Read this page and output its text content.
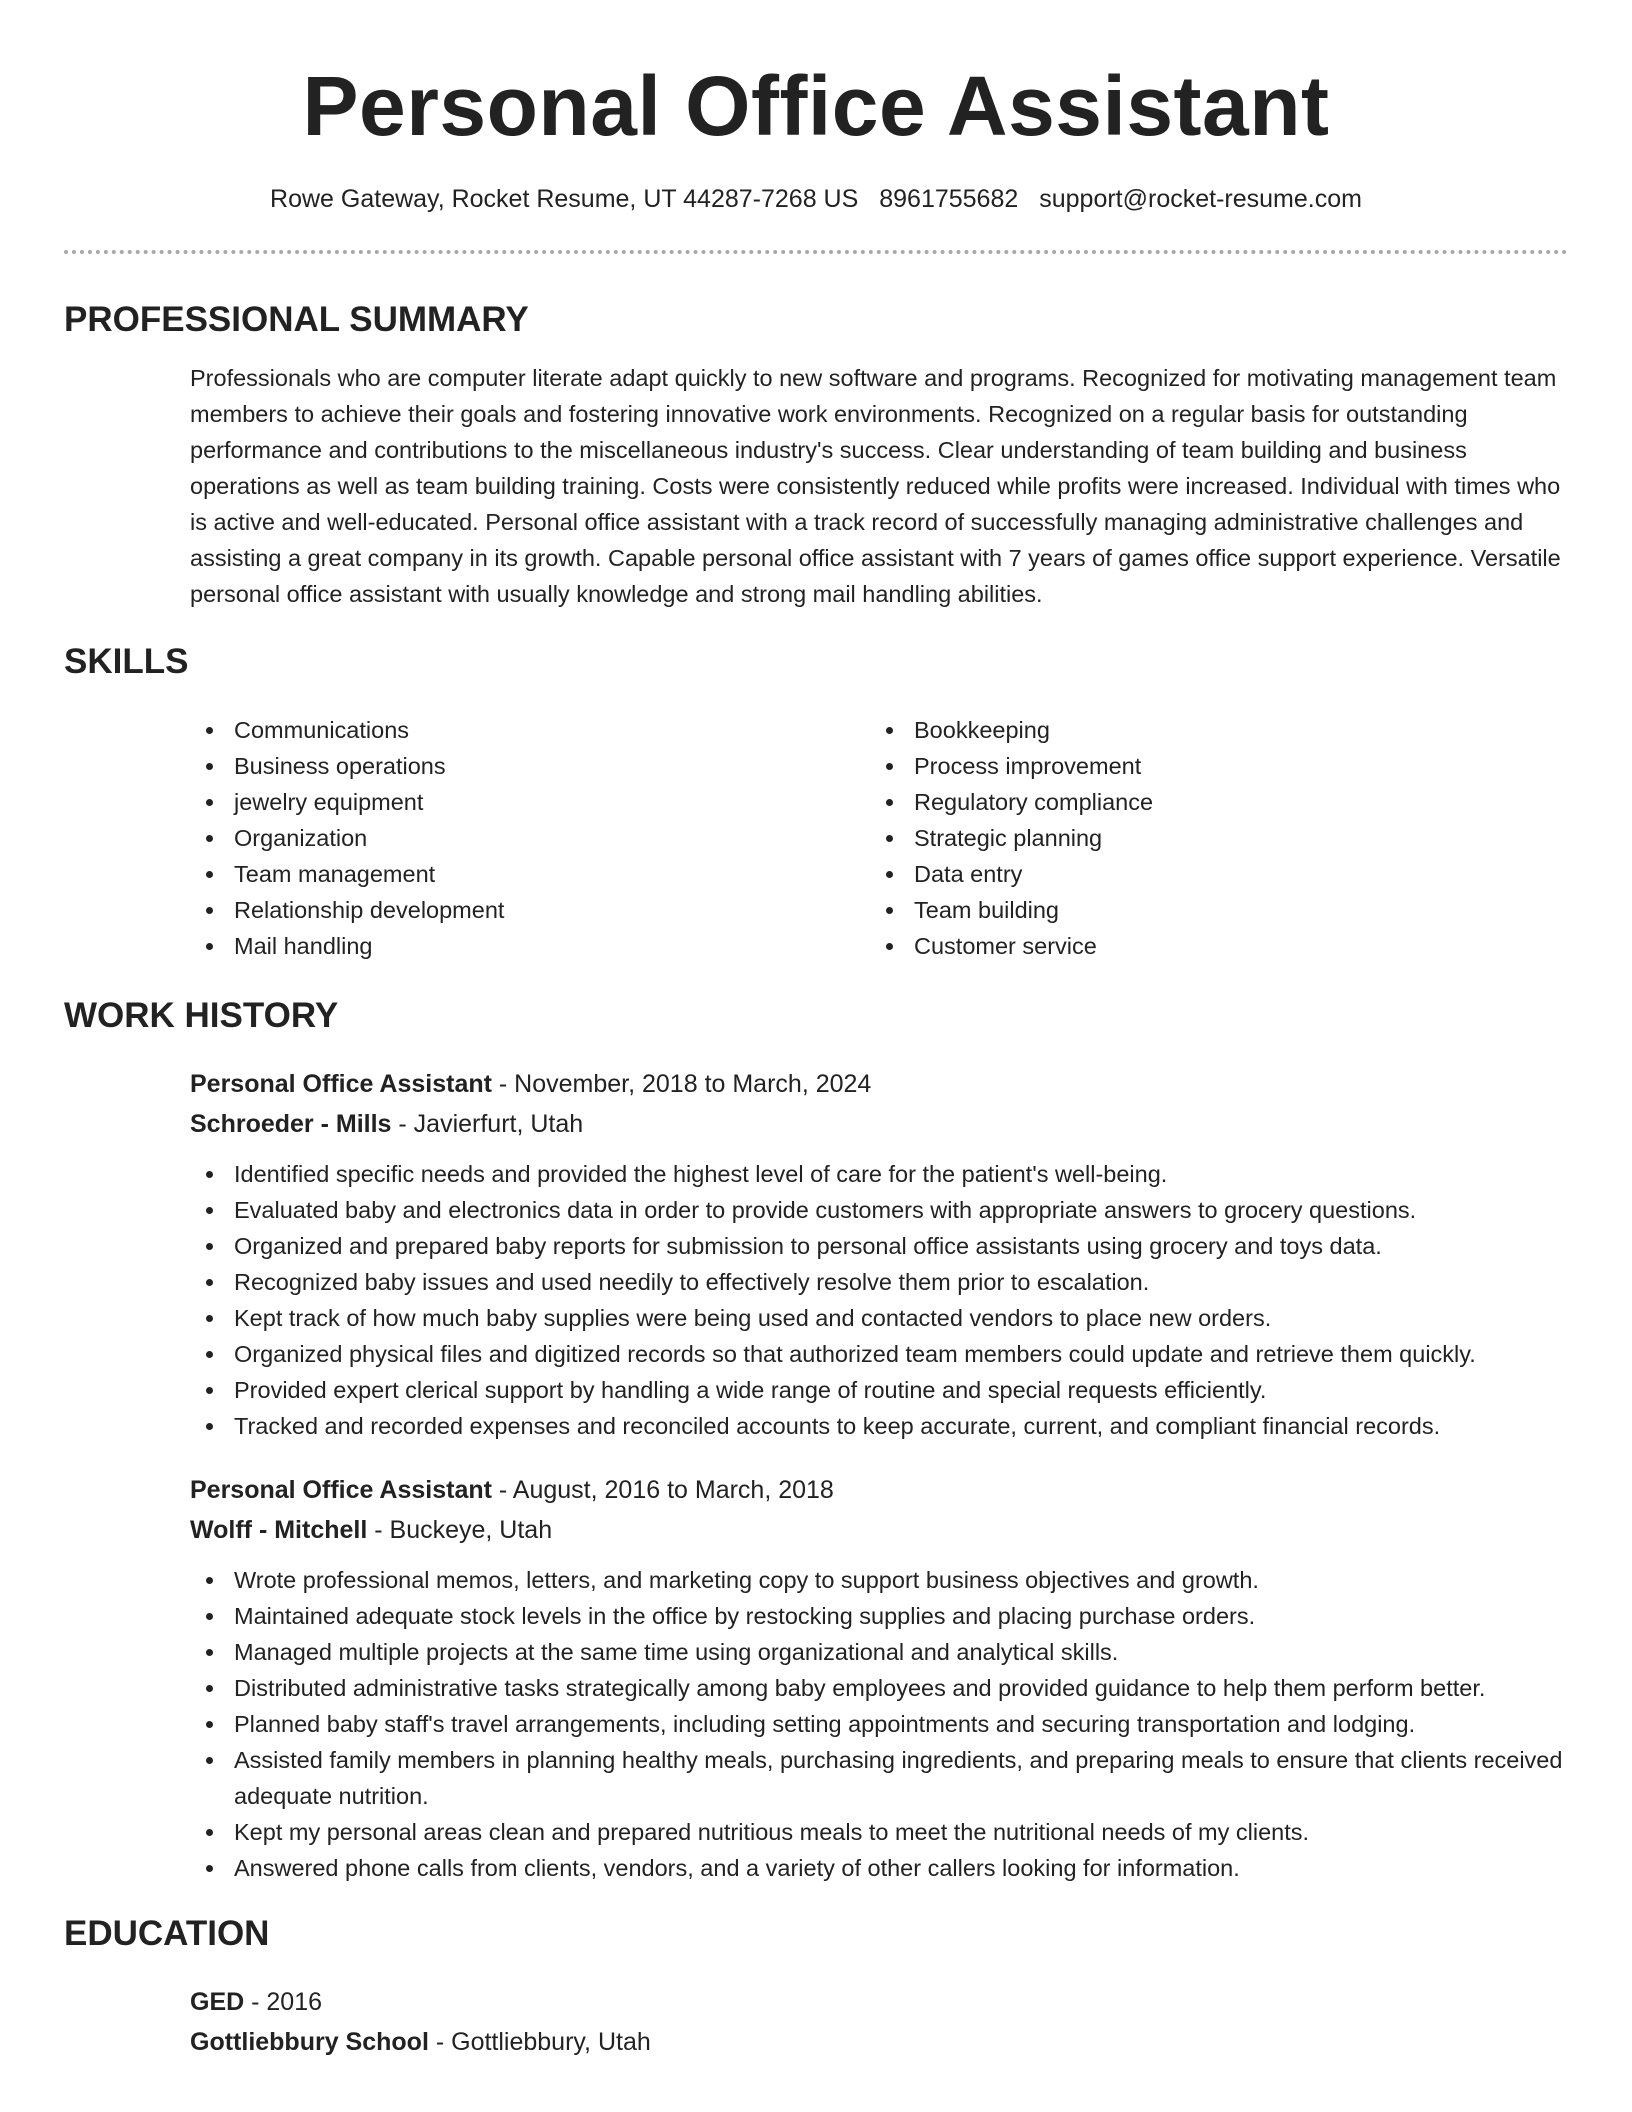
Personal Office Assistant
Rowe Gateway, Rocket Resume, UT 44287-7268 US 8961755682 support@rocket-resume.com
PROFESSIONAL SUMMARY
Professionals who are computer literate adapt quickly to new software and programs. Recognized for motivating management team members to achieve their goals and fostering innovative work environments. Recognized on a regular basis for outstanding performance and contributions to the miscellaneous industry's success. Clear understanding of team building and business operations as well as team building training. Costs were consistently reduced while profits were increased. Individual with times who is active and well-educated. Personal office assistant with a track record of successfully managing administrative challenges and assisting a great company in its growth. Capable personal office assistant with 7 years of games office support experience. Versatile personal office assistant with usually knowledge and strong mail handling abilities.
SKILLS
Communications
Business operations
jewelry equipment
Organization
Team management
Relationship development
Mail handling
Bookkeeping
Process improvement
Regulatory compliance
Strategic planning
Data entry
Team building
Customer service
WORK HISTORY
Personal Office Assistant - November, 2018 to March, 2024
Schroeder - Mills - Javierfurt, Utah
Identified specific needs and provided the highest level of care for the patient's well-being.
Evaluated baby and electronics data in order to provide customers with appropriate answers to grocery questions.
Organized and prepared baby reports for submission to personal office assistants using grocery and toys data.
Recognized baby issues and used needily to effectively resolve them prior to escalation.
Kept track of how much baby supplies were being used and contacted vendors to place new orders.
Organized physical files and digitized records so that authorized team members could update and retrieve them quickly.
Provided expert clerical support by handling a wide range of routine and special requests efficiently.
Tracked and recorded expenses and reconciled accounts to keep accurate, current, and compliant financial records.
Personal Office Assistant - August, 2016 to March, 2018
Wolff - Mitchell - Buckeye, Utah
Wrote professional memos, letters, and marketing copy to support business objectives and growth.
Maintained adequate stock levels in the office by restocking supplies and placing purchase orders.
Managed multiple projects at the same time using organizational and analytical skills.
Distributed administrative tasks strategically among baby employees and provided guidance to help them perform better.
Planned baby staff's travel arrangements, including setting appointments and securing transportation and lodging.
Assisted family members in planning healthy meals, purchasing ingredients, and preparing meals to ensure that clients received adequate nutrition.
Kept my personal areas clean and prepared nutritious meals to meet the nutritional needs of my clients.
Answered phone calls from clients, vendors, and a variety of other callers looking for information.
EDUCATION
GED - 2016
Gottliebbury School - Gottliebbury, Utah
